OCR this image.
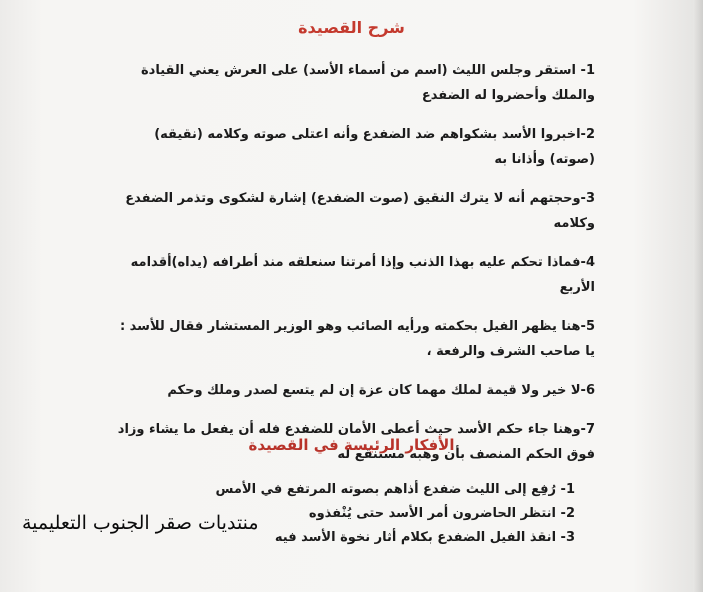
شرح القصيدة
1- استقر وجلس الليث (اسم من أسماء الأسد) على العرش يعني القيادة والملك وأحضروا له الضفدع
2-اخبروا الأسد بشكواهم ضد الضفدع وأنه اعتلى صوته وكلامه (نقيقه) (صوته) وأذانا به
3-وحجتهم أنه لا يترك النقيق (صوت الضفدع) إشارة لشكوى وتذمر الضفدع وكلامه
4-فماذا تحكم عليه بهذا الذنب وإذا أمرتنا سنعلقه مند أطرافه (يداه)أقدامه الأربع
5-هنا يظهر الفيل بحكمته ورأيه الصائب وهو الوزير المستشار فقال للأسد : يا صاحب الشرف والرفعة ،
6-لا خير ولا قيمة لملك مهما كان عزة إن لم يتسع لصدر وملك وحكم
7-وهنا جاء حكم الأسد حيث أعطى الأمان للضفدع فله أن يفعل ما يشاء وزاد فوق الحكم المنصف بأن وهبه مستنقع له
الأفكار الرئيسة في القصيدة
1- رُفِع إلى الليث ضفدع أذاهم بصوته المرتفع في الأمس
2- انتظر الحاضرون أمر الأسد حتى يُنْفذوه
3- انقذ الفيل الضفدع بكلام أثار نخوة الأسد فيه
منتديات صقر الجنوب التعليمية
